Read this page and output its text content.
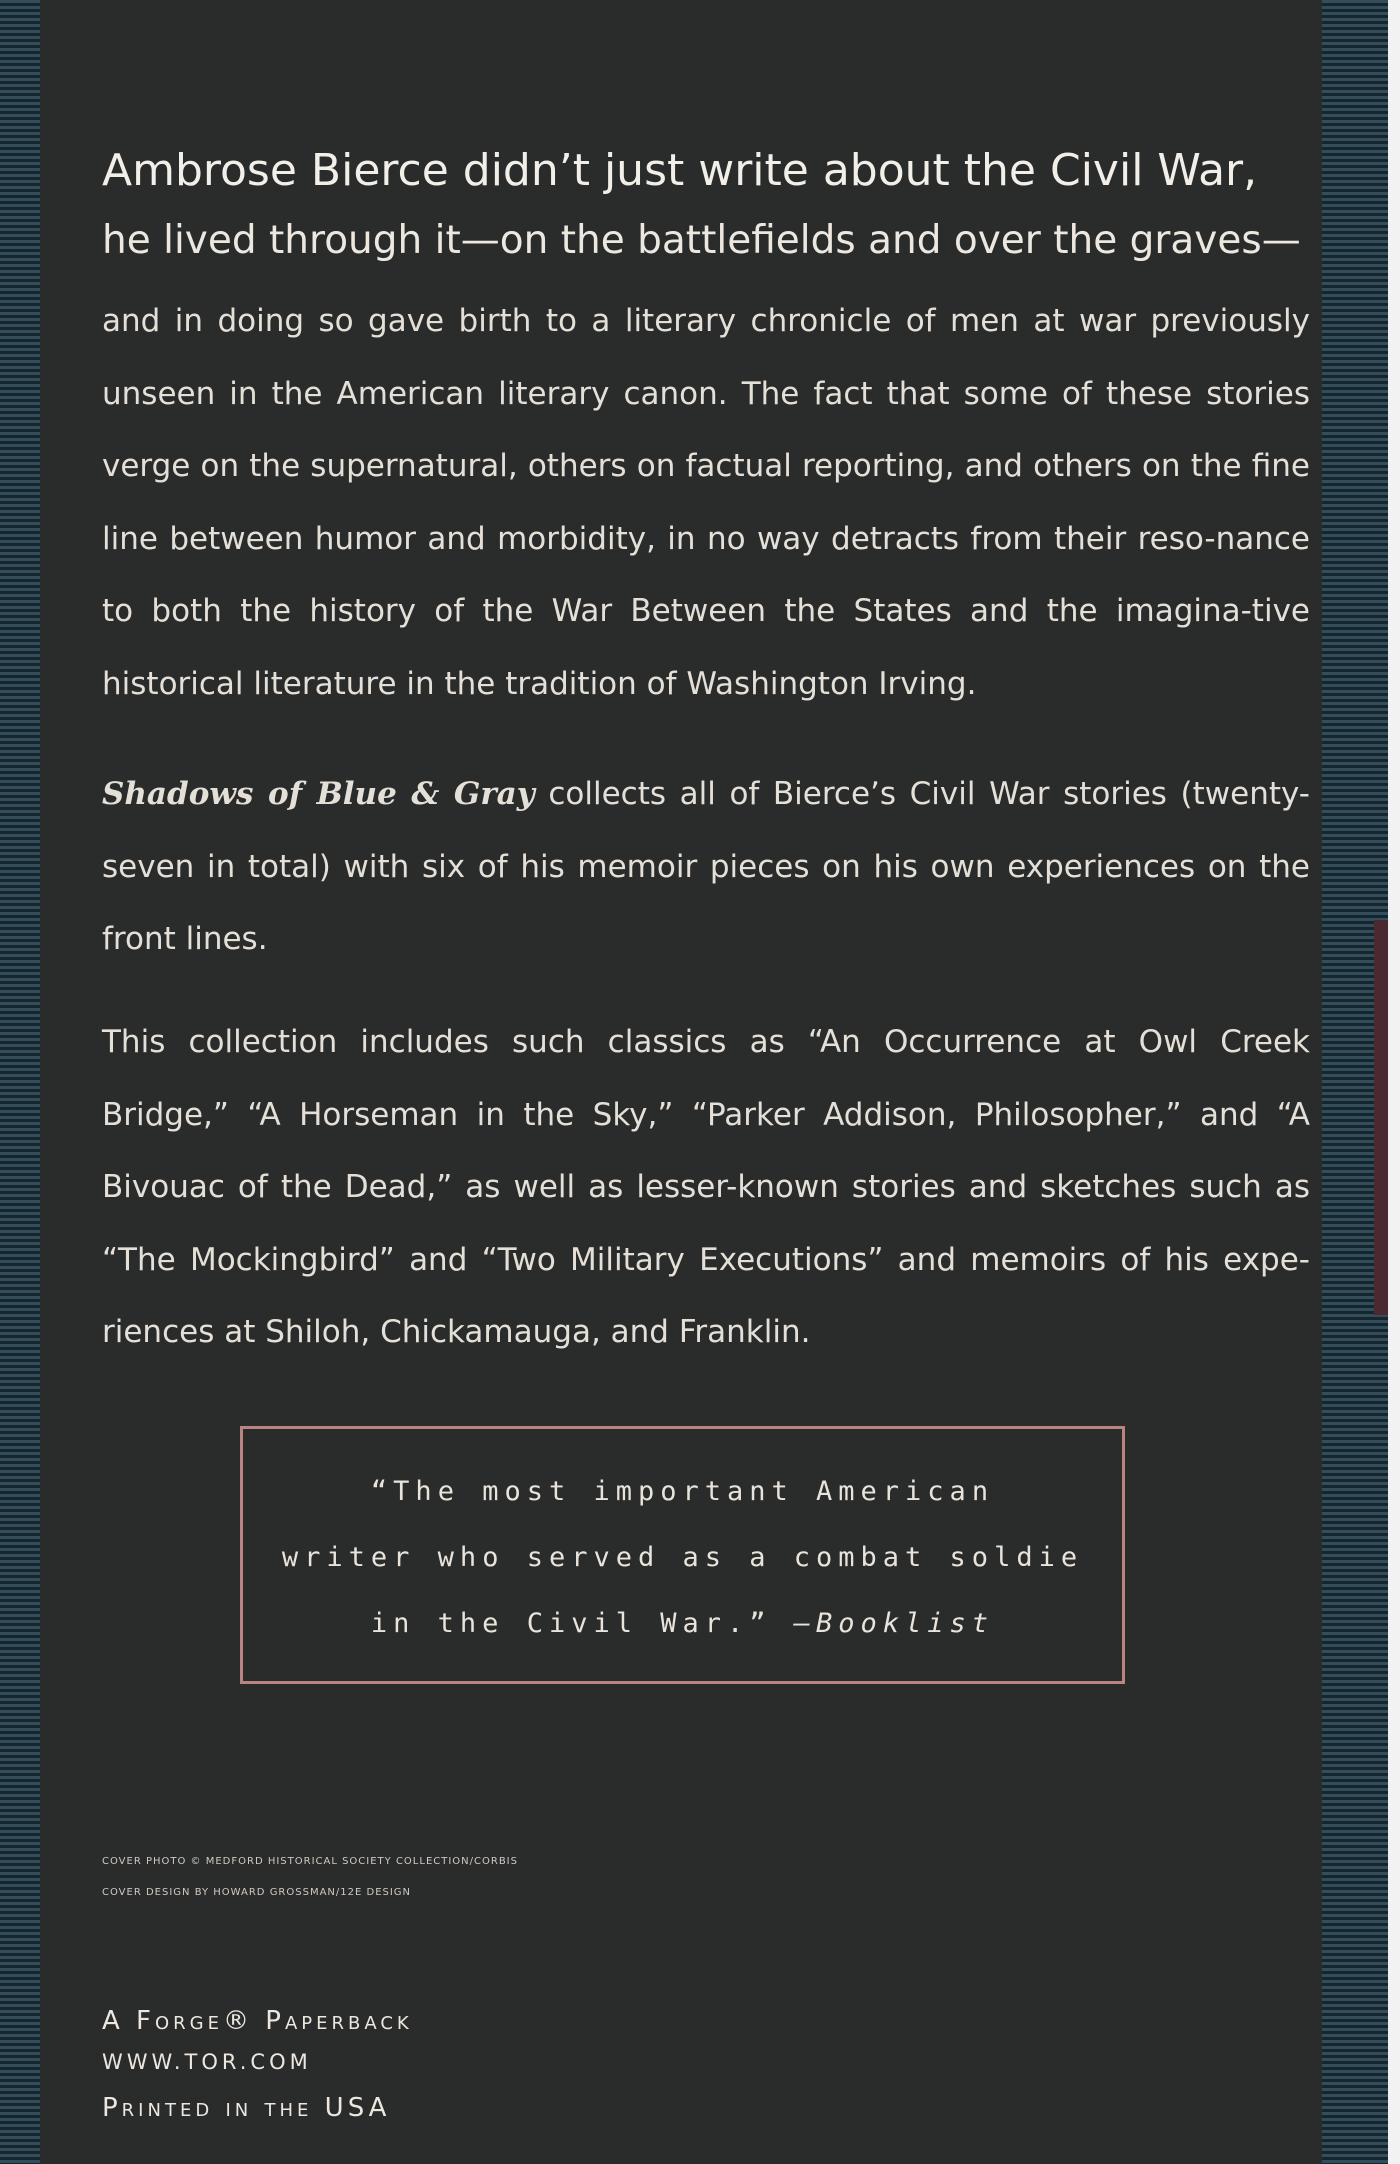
Ambrose Bierce didn’t just write about the Civil War,

he lived through it—on the battlefields and over the graves—

and in doing so gave birth to a literary chronicle of men at war previously unseen in the American literary canon. The fact that some of these stories verge on the supernatural, others on factual reporting, and others on the fine line between humor and morbidity, in no way detracts from their reso-nance to both the history of the War Between the States and the imagina-tive historical literature in the tradition of Washington Irving.

Shadows of Blue & Gray collects all of Bierce’s Civil War stories (twenty-seven in total) with six of his memoir pieces on his own experiences on the front lines.

This collection includes such classics as “An Occurrence at Owl Creek Bridge,” “A Horseman in the Sky,” “Parker Addison, Philosopher,” and “A Bivouac of the Dead,” as well as lesser-known stories and sketches such as “The Mockingbird” and “Two Military Executions” and memoirs of his expe-riences at Shiloh, Chickamauga, and Franklin.

“The most important American
writer who served as a combat soldie
in the Civil War.” —Booklist
COVER PHOTO © MEDFORD HISTORICAL SOCIETY COLLECTION/CORBIS
COVER DESIGN BY HOWARD GROSSMAN/12E DESIGN
A Forge® Paperback
WWW.TOR.COM
Printed in the USA
